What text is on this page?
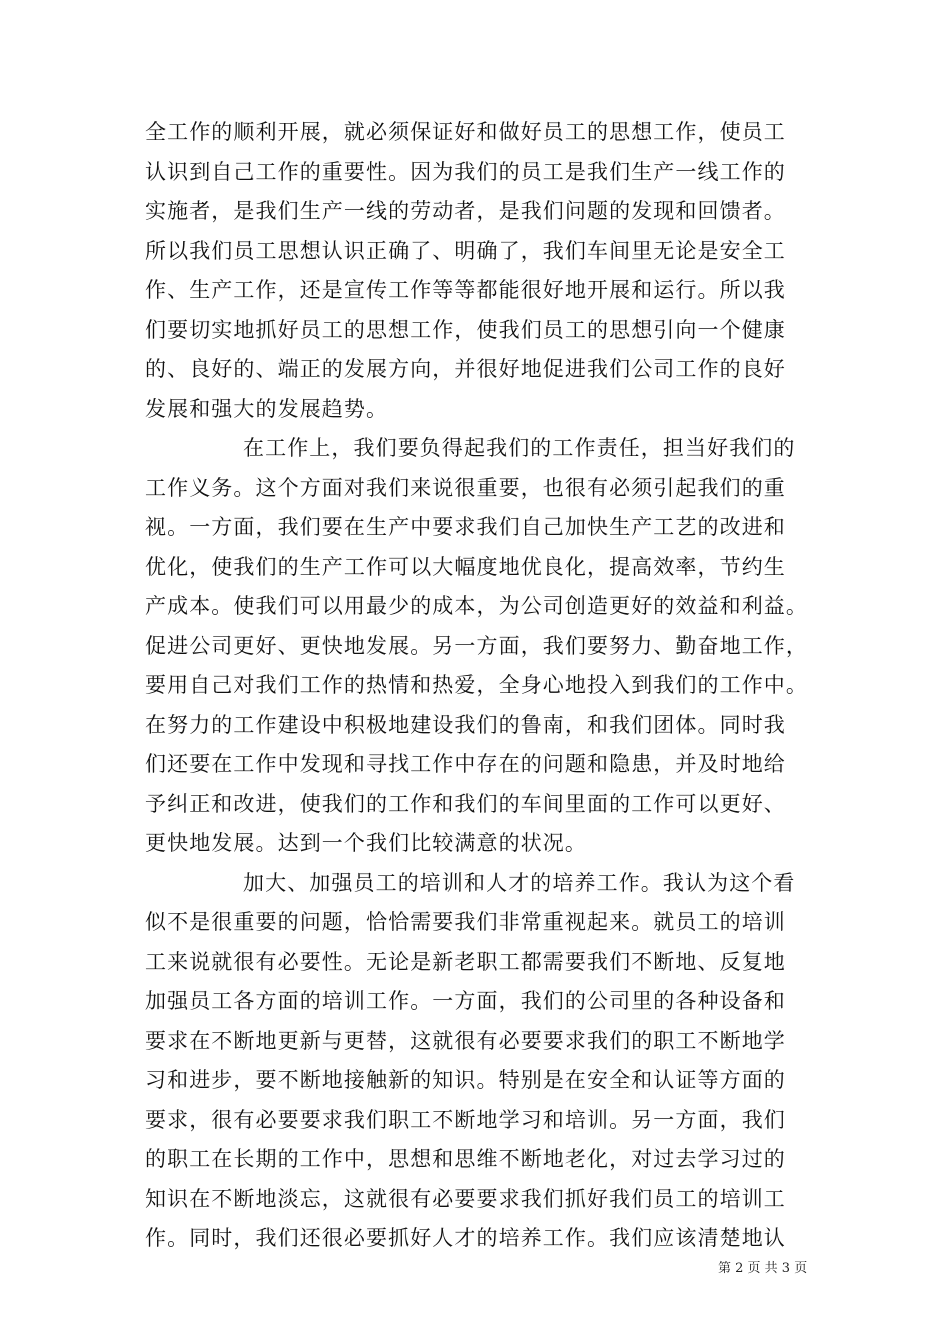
全工作的顺利开展，就必须保证好和做好员工的思想工作，使员工
认识到自己工作的重要性。因为我们的员工是我们生产一线工作的
实施者，是我们生产一线的劳动者，是我们问题的发现和回馈者。
所以我们员工思想认识正确了、明确了，我们车间里无论是安全工
作、生产工作，还是宣传工作等等都能很好地开展和运行。所以我
们要切实地抓好员工的思想工作，使我们员工的思想引向一个健康
的、良好的、端正的发展方向，并很好地促进我们公司工作的良好
发展和强大的发展趋势。
在工作上，我们要负得起我们的工作责任，担当好我们的
工作义务。这个方面对我们来说很重要，也很有必须引起我们的重
视。一方面，我们要在生产中要求我们自己加快生产工艺的改进和
优化，使我们的生产工作可以大幅度地优良化，提高效率，节约生
产成本。使我们可以用最少的成本，为公司创造更好的效益和利益。
促进公司更好、更快地发展。另一方面，我们要努力、勤奋地工作，
要用自己对我们工作的热情和热爱，全身心地投入到我们的工作中。
在努力的工作建设中积极地建设我们的鲁南，和我们团体。同时我
们还要在工作中发现和寻找工作中存在的问题和隐患，并及时地给
予纠正和改进，使我们的工作和我们的车间里面的工作可以更好、
更快地发展。达到一个我们比较满意的状况。
加大、加强员工的培训和人才的培养工作。我认为这个看
似不是很重要的问题，恰恰需要我们非常重视起来。就员工的培训
工来说就很有必要性。无论是新老职工都需要我们不断地、反复地
加强员工各方面的培训工作。一方面，我们的公司里的各种设备和
要求在不断地更新与更替，这就很有必要要求我们的职工不断地学
习和进步，要不断地接触新的知识。特别是在安全和认证等方面的
要求，很有必要要求我们职工不断地学习和培训。另一方面，我们
的职工在长期的工作中，思想和思维不断地老化，对过去学习过的
知识在不断地淡忘，这就很有必要要求我们抓好我们员工的培训工
作。同时，我们还很必要抓好人才的培养工作。我们应该清楚地认
第 2 页 共 3 页
